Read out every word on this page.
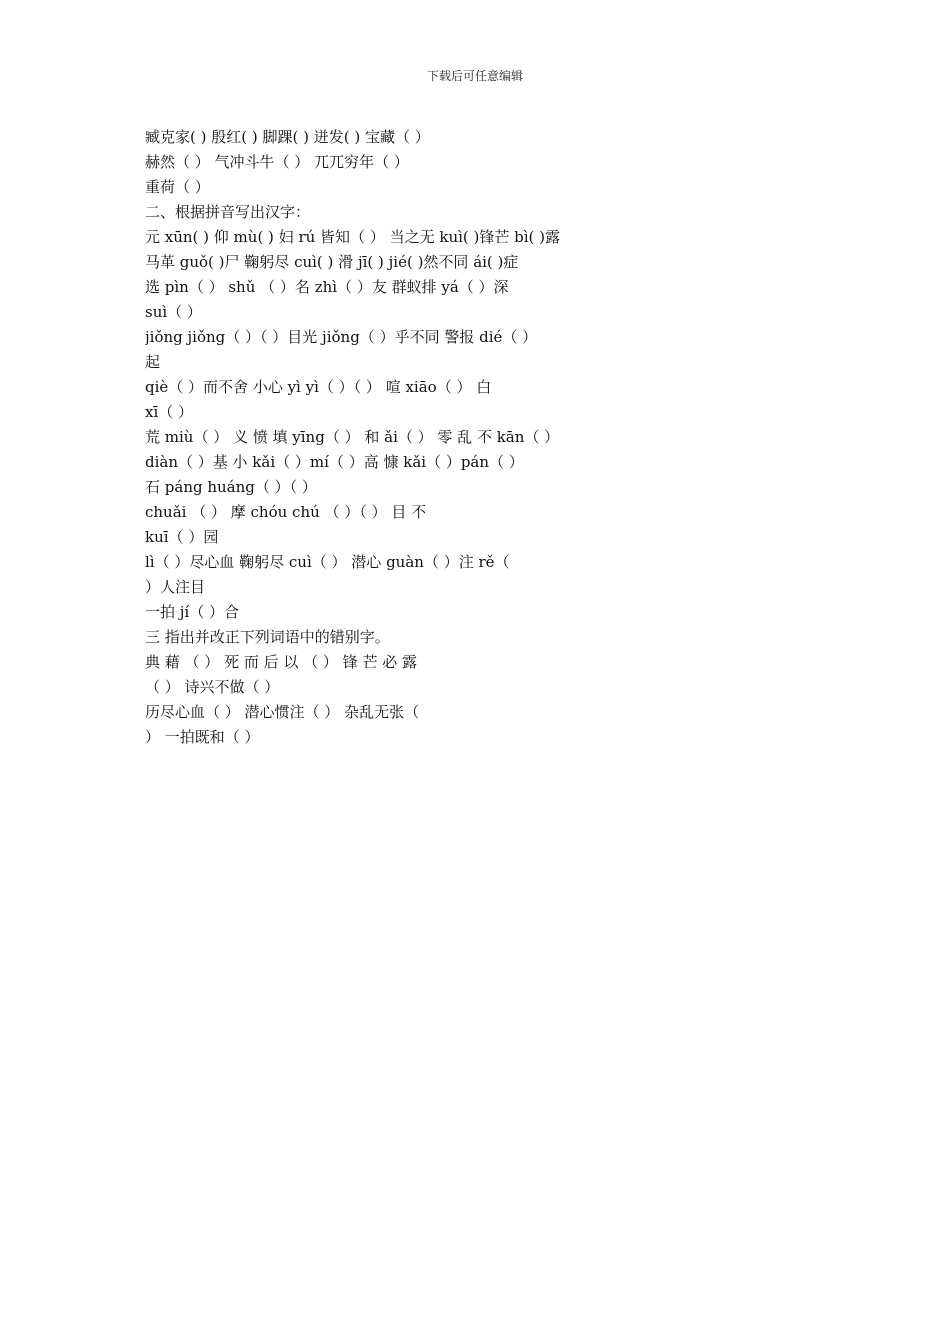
下载后可任意编辑
臧克家( ) 殷红( ) 脚踝( ) 迸发( ) 宝藏（ ）
赫然（ ） 气冲斗牛（ ） 兀兀穷年（ ）
重荷（ ）
二、根据拼音写出汉字：
元 xūn( ) 仰 mù( ) 妇 rú 皆知（ ） 当之无 kuì( )锋芒 bì( )露
马革 guǒ( )尸 鞠躬尽 cuì( ) 滑 jī( ) jié( )然不同 ái( )症
选 pìn（ ） shǔ （ ）名 zhì（ ）友 群蚁排 yá（ ）深
suì（ ）
jiǒng jiǒng（ ）（ ）目光 jiǒng（ ）乎不同 警报 dié（ ）
起
qiè（ ）而不舍 小心 yì yì（ ）（ ） 喧 xiāo（ ） 白
xī（ ）
荒 miù（ ） 义 愤 填 yīng（ ） 和 ǎi（ ） 零 乱 不 kān（ ）
diàn（ ）基 小 kǎi（ ）mí（ ）高 慷 kǎi（ ）pán（ ）
石 páng huáng（ ）（ ）
chuǎi （ ） 摩 chóu chú （ ）（ ） 目 不
kuī（ ）园
lì（ ）尽心血 鞠躬尽 cuì（ ） 潜心 guàn（ ）注 rě（
）人注目
一拍 jí（ ）合
三 指出并改正下列词语中的错别字。
典 藉 （ ） 死 而 后 以 （ ） 锋 芒 必 露
（ ） 诗兴不做（ ）
历尽心血（ ） 潜心惯注（ ） 杂乱无张（
） 一拍既和（ ）
